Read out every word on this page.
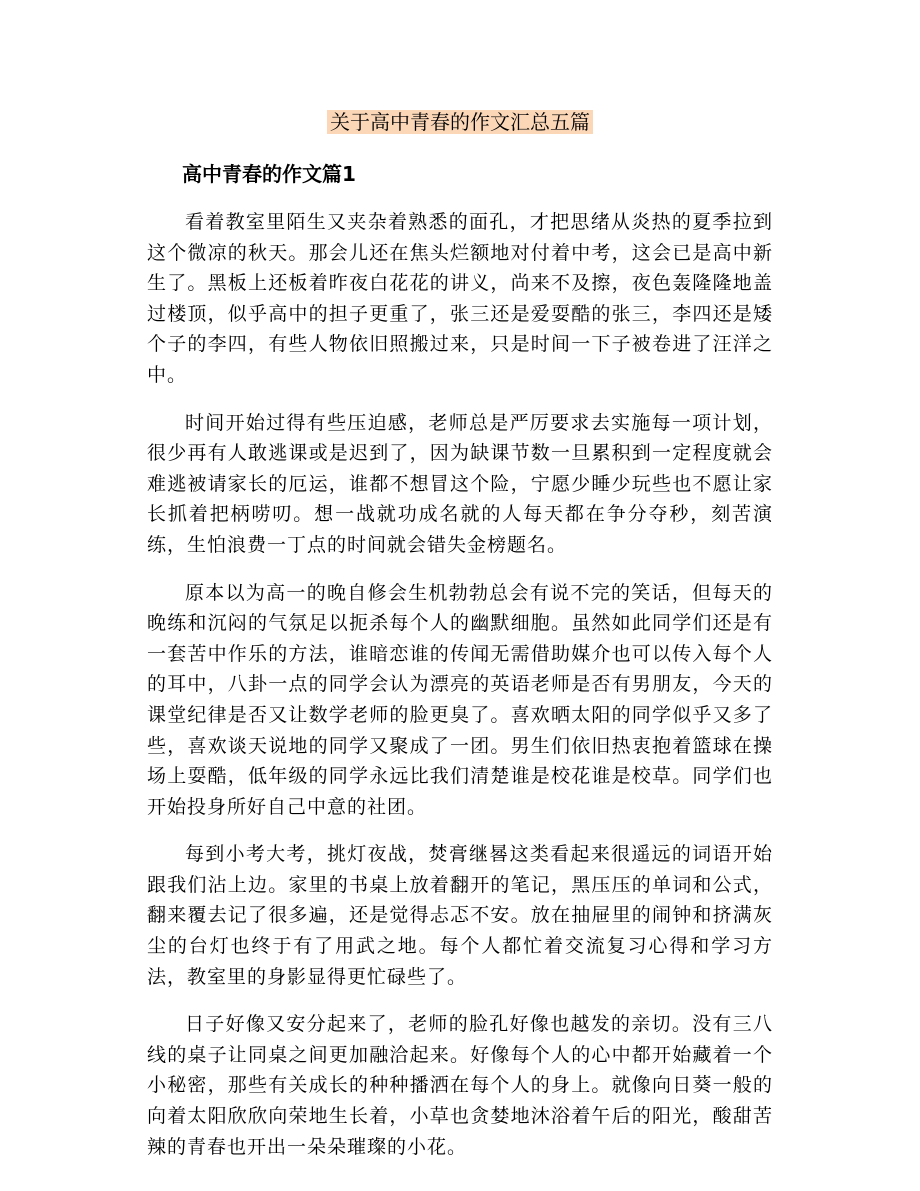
关于高中青春的作文汇总五篇
高中青春的作文篇1

看着教室里陌生又夹杂着熟悉的面孔，才把思绪从炎热的夏季拉到这个微凉的秋天。那会儿还在焦头烂额地对付着中考，这会已是高中新生了。黑板上还板着昨夜白花花的讲义，尚来不及擦，夜色轰隆隆地盖过楼顶，似乎高中的担子更重了，张三还是爱耍酷的张三，李四还是矮个子的李四，有些人物依旧照搬过来，只是时间一下子被卷进了汪洋之中。

时间开始过得有些压迫感，老师总是严厉要求去实施每一项计划，很少再有人敢逃课或是迟到了，因为缺课节数一旦累积到一定程度就会难逃被请家长的厄运，谁都不想冒这个险，宁愿少睡少玩些也不愿让家长抓着把柄唠叨。想一战就功成名就的人每天都在争分夺秒，刻苦演练，生怕浪费一丁点的时间就会错失金榜题名。

原本以为高一的晚自修会生机勃勃总会有说不完的笑话，但每天的晚练和沉闷的气氛足以扼杀每个人的幽默细胞。虽然如此同学们还是有一套苦中作乐的方法，谁暗恋谁的传闻无需借助媒介也可以传入每个人的耳中，八卦一点的同学会认为漂亮的英语老师是否有男朋友，今天的课堂纪律是否又让数学老师的脸更臭了。喜欢晒太阳的同学似乎又多了些，喜欢谈天说地的同学又聚成了一团。男生们依旧热衷抱着篮球在操场上耍酷，低年级的同学永远比我们清楚谁是校花谁是校草。同学们也开始投身所好自己中意的社团。

每到小考大考，挑灯夜战，焚膏继晷这类看起来很遥远的词语开始跟我们沾上边。家里的书桌上放着翻开的笔记，黑压压的单词和公式，翻来覆去记了很多遍，还是觉得忐忑不安。放在抽屉里的闹钟和挤满灰尘的台灯也终于有了用武之地。每个人都忙着交流复习心得和学习方法，教室里的身影显得更忙碌些了。

日子好像又安分起来了，老师的脸孔好像也越发的亲切。没有三八线的桌子让同桌之间更加融洽起来。好像每个人的心中都开始藏着一个小秘密，那些有关成长的种种播洒在每个人的身上。就像向日葵一般的向着太阳欣欣向荣地生长着，小草也贪婪地沐浴着午后的阳光，酸甜苦辣的青春也开出一朵朵璀璨的小花。
